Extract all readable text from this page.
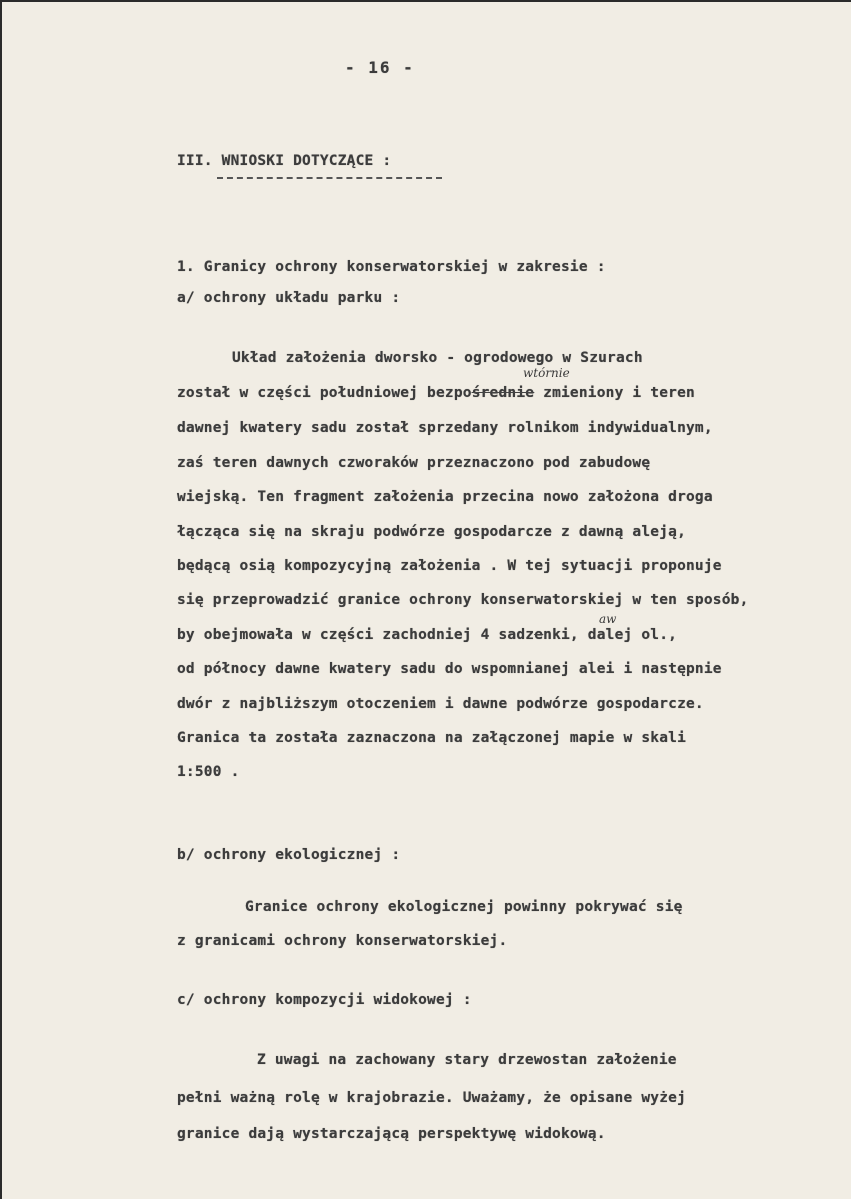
- 16 -
III. WNIOSKI DOTYCZĄCE :
1. Granicy ochrony konserwatorskiej w zakresie :
a/ ochrony układu parku :
Układ założenia dworsko - ogrodowego w Szurach
został w części południowej bezpośrednie zmieniony i teren
wtórnie
dawnej kwatery sadu został sprzedany rolnikom indywidualnym,
zaś teren dawnych czworaków przeznaczono pod zabudowę
wiejską. Ten fragment założenia przecina nowo założona droga
łącząca się na skraju podwórze gospodarcze z dawną aleją,
będącą osią kompozycyjną założenia . W tej sytuacji proponuje
się przeprowadzić granice ochrony konserwatorskiej w ten sposób,
by obejmowała w części zachodniej 4 sadzenki, dalej ol.,
aw
od północy dawne kwatery sadu do wspomnianej alei i następnie
dwór z najbliższym otoczeniem i dawne podwórze gospodarcze.
Granica ta została zaznaczona na załączonej mapie w skali
1:500 .
b/ ochrony ekologicznej :
Granice ochrony ekologicznej powinny pokrywać się
z granicami ochrony konserwatorskiej.
c/ ochrony kompozycji widokowej :
Z uwagi na zachowany stary drzewostan założenie
pełni ważną rolę w krajobrazie. Uważamy, że opisane wyżej
granice dają wystarczającą perspektywę widokową.
